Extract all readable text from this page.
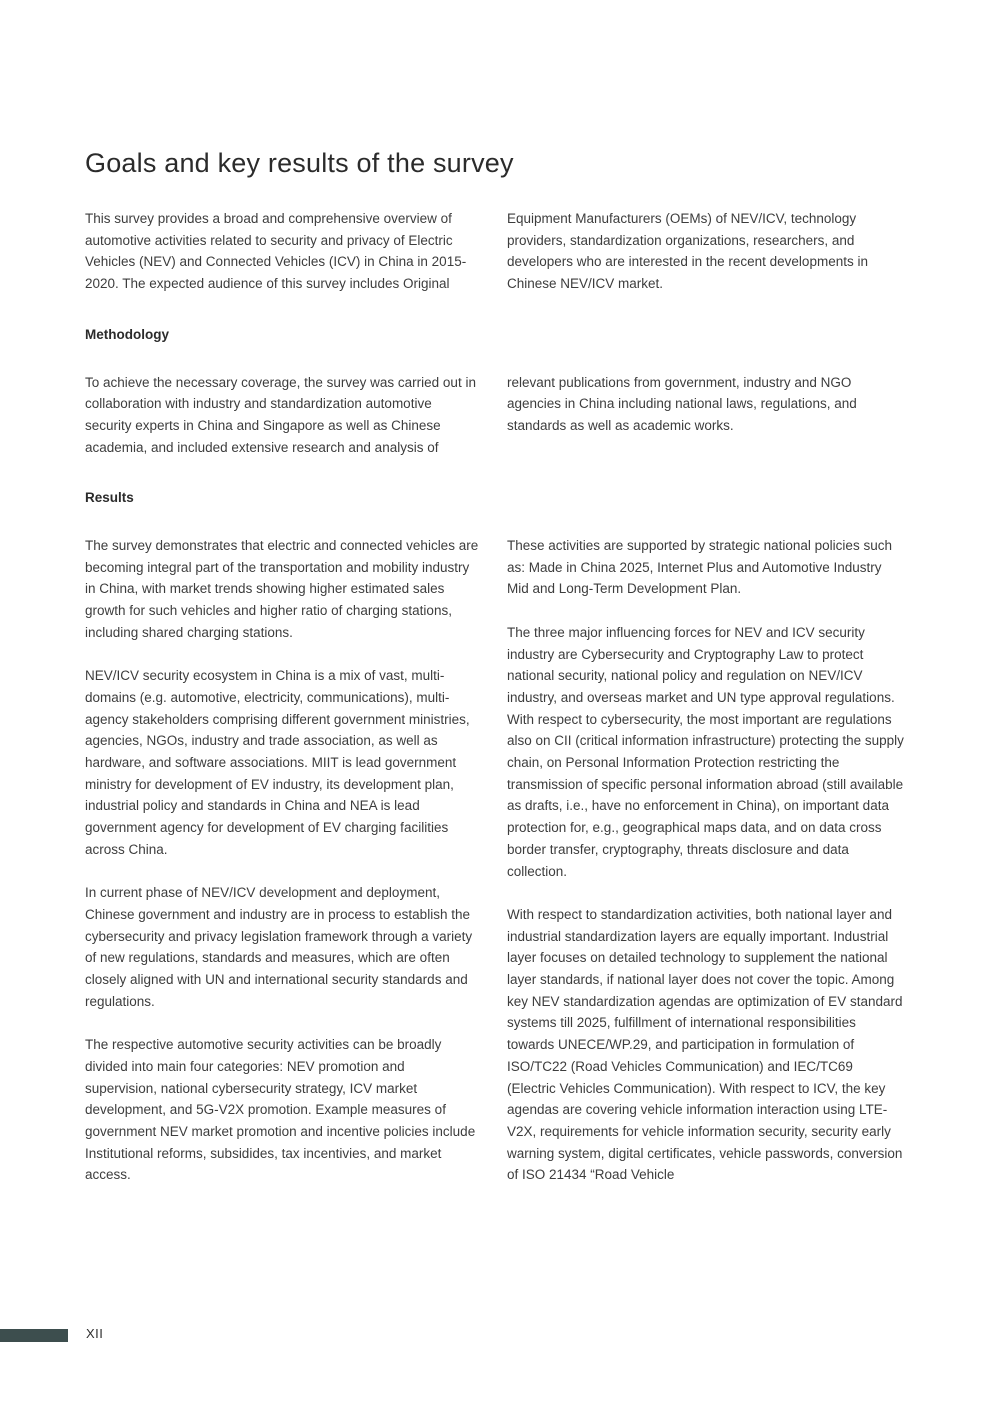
Goals and key results of the survey

This survey provides a broad and comprehensive overview of automotive activities related to security and privacy of Electric Vehicles (NEV) and Connected Vehicles (ICV) in China in 2015-2020. The expected audience of this survey includes Original

Equipment Manufacturers (OEMs) of NEV/ICV, technology providers, standardization organizations, researchers, and developers who are interested in the recent developments in Chinese NEV/ICV market.

Methodology

To achieve the necessary coverage, the survey was carried out in collaboration with industry and standardization automotive security experts in China and Singapore as well as Chinese academia, and included extensive research and analysis of

relevant publications from government, industry and NGO agencies in China including national laws, regulations, and standards as well as academic works.

Results

The survey demonstrates that electric and connected vehicles are becoming integral part of the transportation and mobility industry in China, with market trends showing higher estimated sales growth for such vehicles and higher ratio of charging stations, including shared charging stations.

NEV/ICV security ecosystem in China is a mix of vast, multi-domains (e.g. automotive, electricity, communications), multi-agency stakeholders comprising different government ministries, agencies, NGOs, industry and trade association, as well as hardware, and software associations. MIIT is lead government ministry for development of EV industry, its development plan, industrial policy and standards in China and NEA is lead government agency for development of EV charging facilities across China.

In current phase of NEV/ICV development and deployment, Chinese government and industry are in process to establish the cybersecurity and privacy legislation framework through a variety of new regulations, standards and measures, which are often closely aligned with UN and international security standards and regulations.

The respective automotive security activities can be broadly divided into main four categories: NEV promotion and supervision, national cybersecurity strategy, ICV market development, and 5G-V2X promotion. Example measures of government NEV market promotion and incentive policies include Institutional reforms, subsidides, tax incentivies, and market access.

These activities are supported by strategic national policies such as: Made in China 2025, Internet Plus and Automotive Industry Mid and Long-Term Development Plan.

The three major influencing forces for NEV and ICV security industry are Cybersecurity and Cryptography Law to protect national security, national policy and regulation on NEV/ICV industry, and overseas market and UN type approval regulations. With respect to cybersecurity, the most important are regulations also on CII (critical information infrastructure) protecting the supply chain, on Personal Information Protection restricting the transmission of specific personal information abroad (still available as drafts, i.e., have no enforcement in China), on important data protection for, e.g., geographical maps data, and on data cross border transfer, cryptography, threats disclosure and data collection.

With respect to standardization activities, both national layer and industrial standardization layers are equally important. Industrial layer focuses on detailed technology to supplement the national layer standards, if national layer does not cover the topic. Among key NEV standardization agendas are optimization of EV standard systems till 2025, fulfillment of international responsibilities towards UNECE/WP.29, and participation in formulation of ISO/TC22 (Road Vehicles Communication) and IEC/TC69 (Electric Vehicles Communication). With respect to ICV, the key agendas are covering vehicle information interaction using LTE-V2X, requirements for vehicle information security, security early warning system, digital certificates, vehicle passwords, conversion of ISO 21434 “Road Vehicle

XII
